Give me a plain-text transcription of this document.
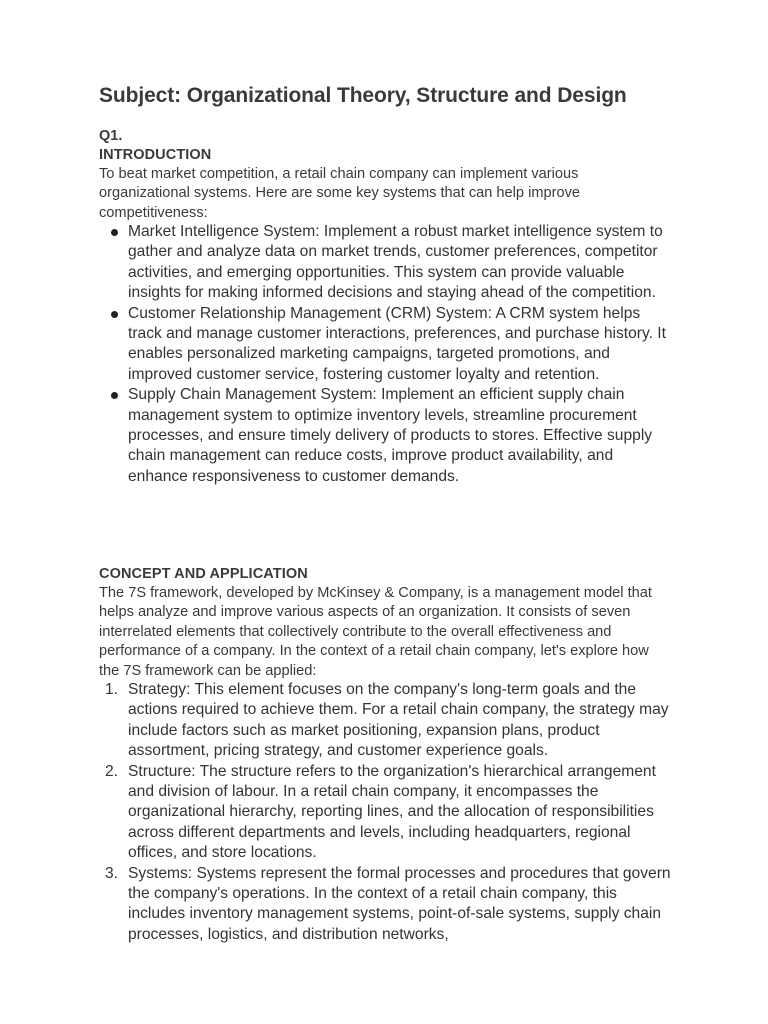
Subject: Organizational Theory, Structure and Design
Q1.
INTRODUCTION

To beat market competition, a retail chain company can implement various organizational systems. Here are some key systems that can help improve competitiveness:

Market Intelligence System: Implement a robust market intelligence system to gather and analyze data on market trends, customer preferences, competitor activities, and emerging opportunities. This system can provide valuable insights for making informed decisions and staying ahead of the competition.
Customer Relationship Management (CRM) System: A CRM system helps track and manage customer interactions, preferences, and purchase history. It enables personalized marketing campaigns, targeted promotions, and improved customer service, fostering customer loyalty and retention.
Supply Chain Management System: Implement an efficient supply chain management system to optimize inventory levels, streamline procurement processes, and ensure timely delivery of products to stores. Effective supply chain management can reduce costs, improve product availability, and enhance responsiveness to customer demands.
CONCEPT AND APPLICATION

The 7S framework, developed by McKinsey & Company, is a management model that helps analyze and improve various aspects of an organization. It consists of seven interrelated elements that collectively contribute to the overall effectiveness and performance of a company. In the context of a retail chain company, let's explore how the 7S framework can be applied:

1. Strategy: This element focuses on the company's long-term goals and the actions required to achieve them. For a retail chain company, the strategy may include factors such as market positioning, expansion plans, product assortment, pricing strategy, and customer experience goals.
2. Structure: The structure refers to the organization's hierarchical arrangement and division of labour. In a retail chain company, it encompasses the organizational hierarchy, reporting lines, and the allocation of responsibilities across different departments and levels, including headquarters, regional offices, and store locations.
3. Systems: Systems represent the formal processes and procedures that govern the company's operations. In the context of a retail chain company, this includes inventory management systems, point-of-sale systems, supply chain processes, logistics, and distribution networks,
